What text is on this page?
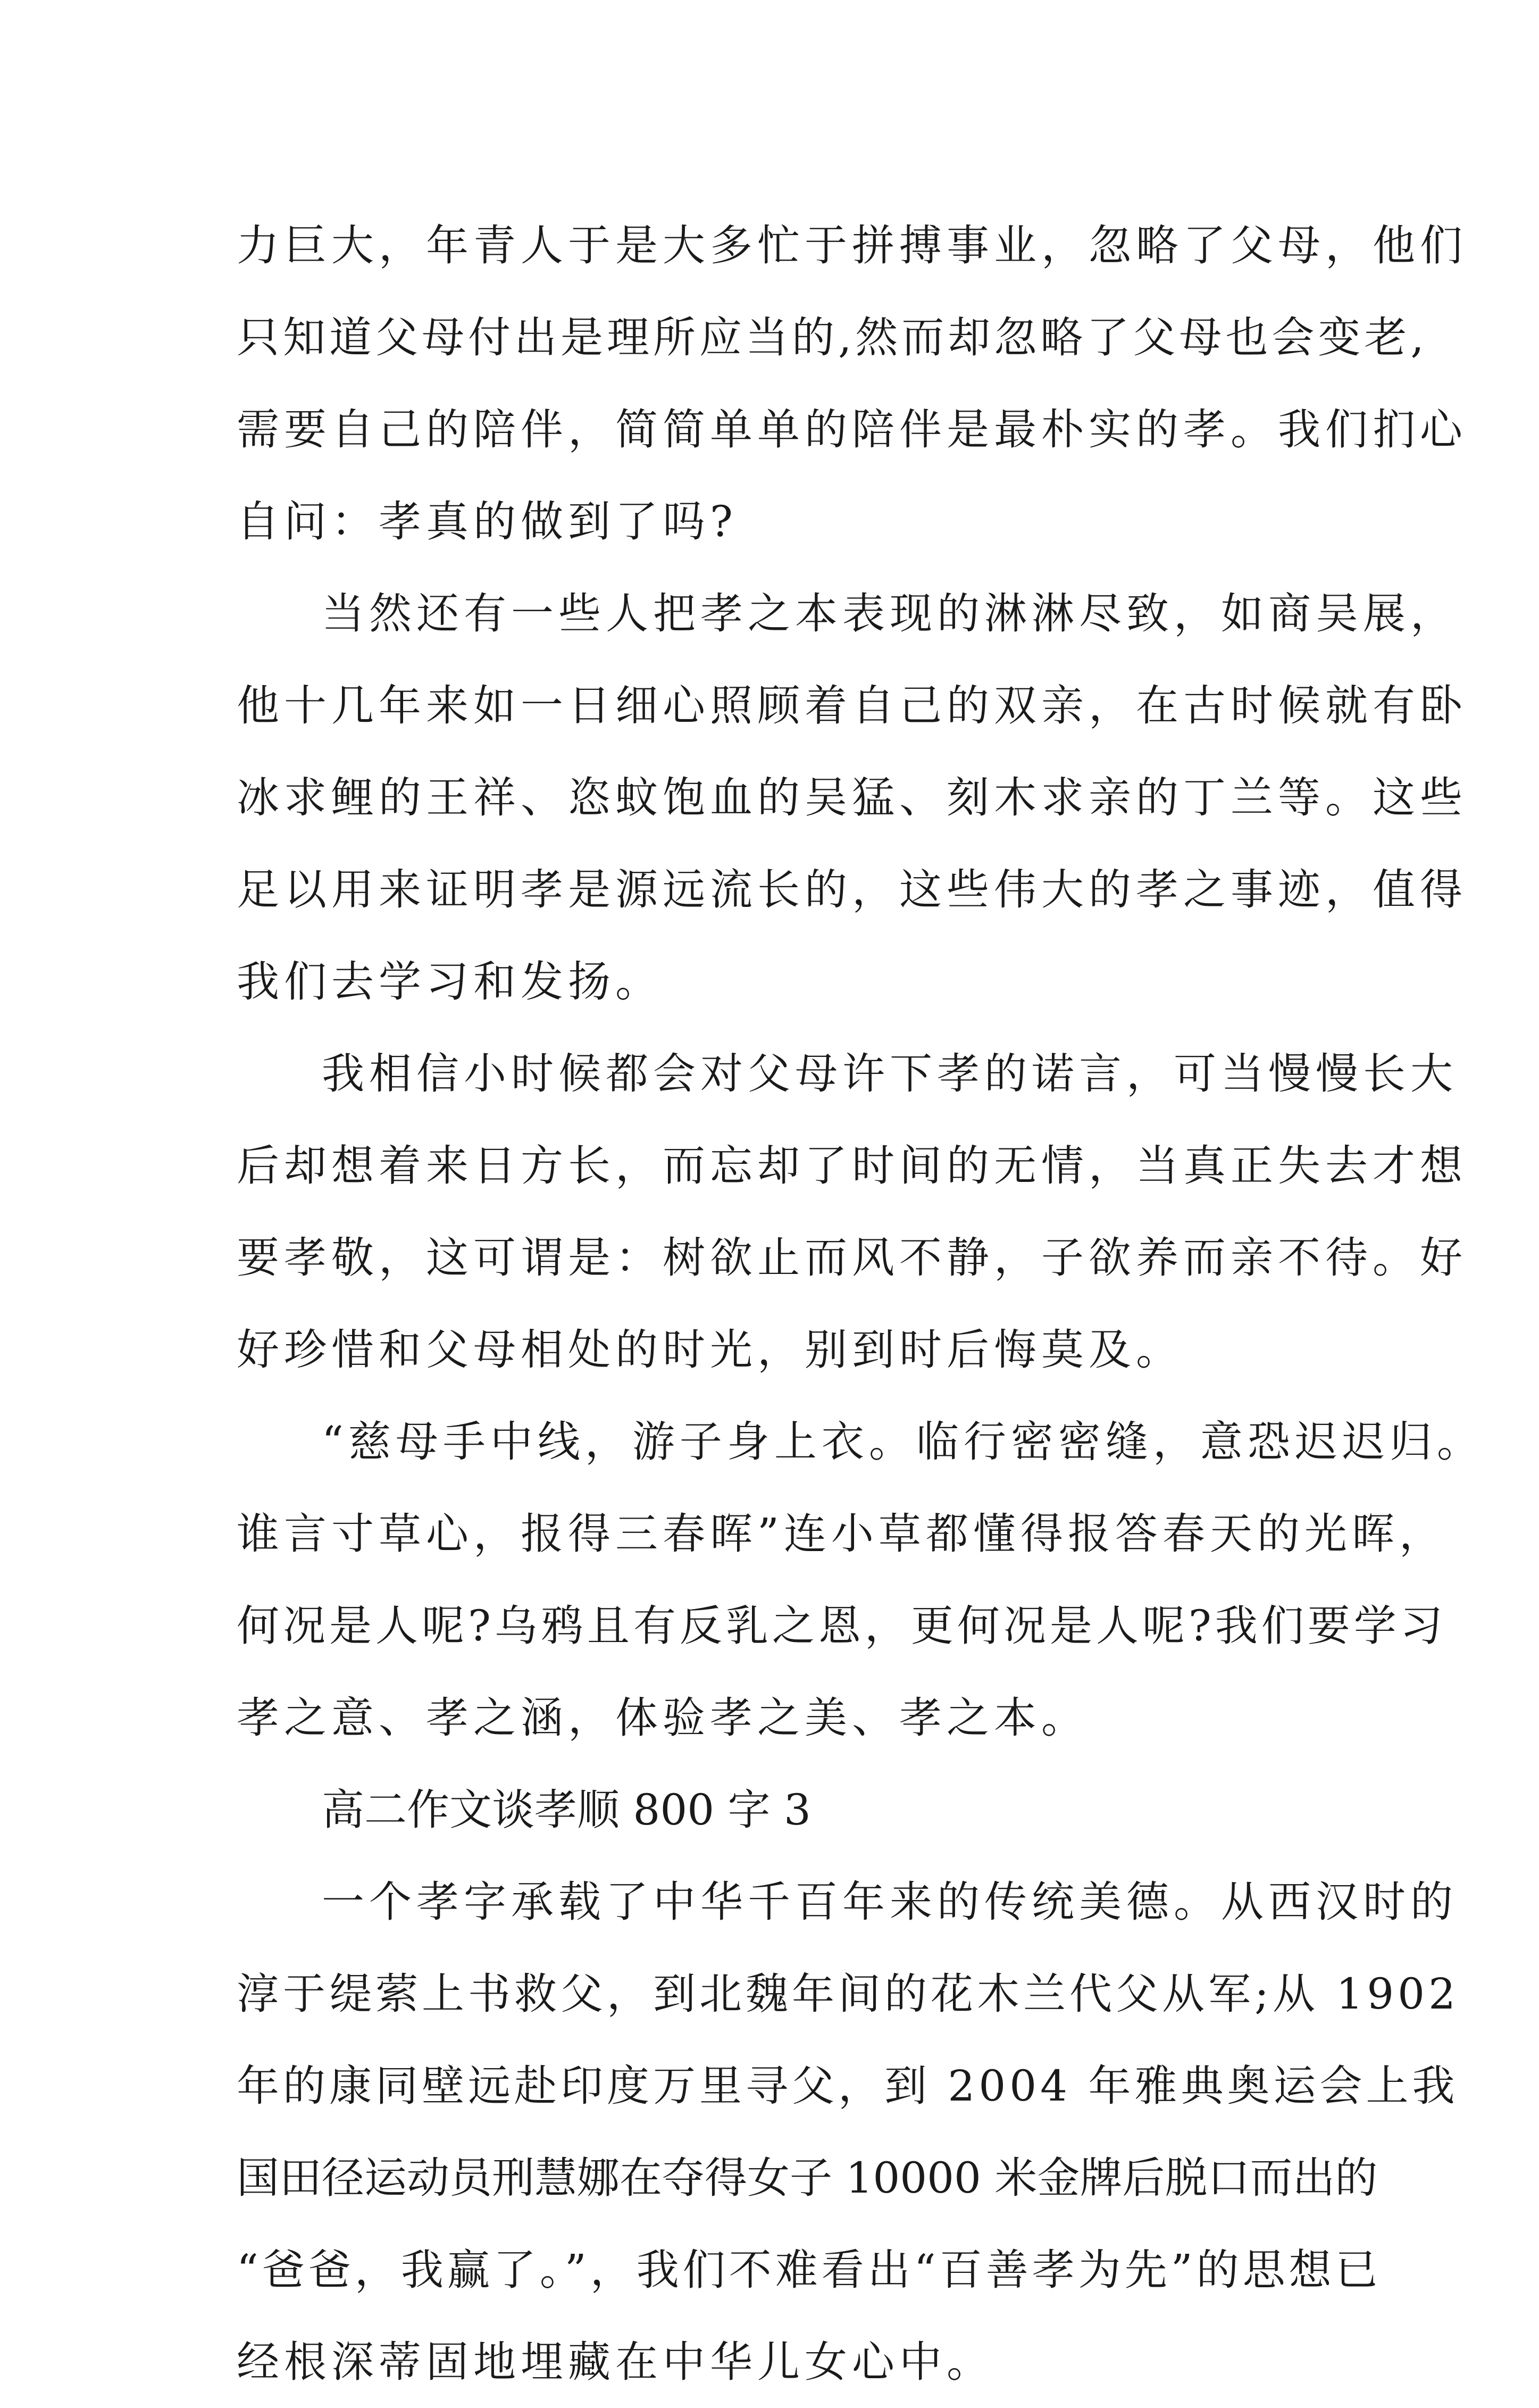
力巨大，年青人于是大多忙于拼搏事业，忽略了父母，他们
只知道父母付出是理所应当的,然而却忽略了父母也会变老,
需要自己的陪伴，简简单单的陪伴是最朴实的孝。我们扪心
自问：孝真的做到了吗?
当然还有一些人把孝之本表现的淋淋尽致，如商吴展，
他十几年来如一日细心照顾着自己的双亲，在古时候就有卧
冰求鲤的王祥、恣蚊饱血的吴猛、刻木求亲的丁兰等。这些
足以用来证明孝是源远流长的，这些伟大的孝之事迹，值得
我们去学习和发扬。
我相信小时候都会对父母许下孝的诺言，可当慢慢长大
后却想着来日方长，而忘却了时间的无情，当真正失去才想
要孝敬，这可谓是：树欲止而风不静，子欲养而亲不待。好
好珍惜和父母相处的时光，别到时后悔莫及。
“慈母手中线，游子身上衣。临行密密缝，意恐迟迟归。
谁言寸草心，报得三春晖”连小草都懂得报答春天的光晖，
何况是人呢?乌鸦且有反乳之恩，更何况是人呢?我们要学习
孝之意、孝之涵，体验孝之美、孝之本。
高二作文谈孝顺 800 字 3
一个孝字承载了中华千百年来的传统美德。从西汉时的
淳于缇萦上书救父，到北魏年间的花木兰代父从军;从 1902
年的康同壁远赴印度万里寻父，到 2004 年雅典奥运会上我
国田径运动员刑慧娜在夺得女子 10000 米金牌后脱口而出的
“爸爸，我赢了。”，我们不难看出“百善孝为先”的思想已
经根深蒂固地埋藏在中华儿女心中。
